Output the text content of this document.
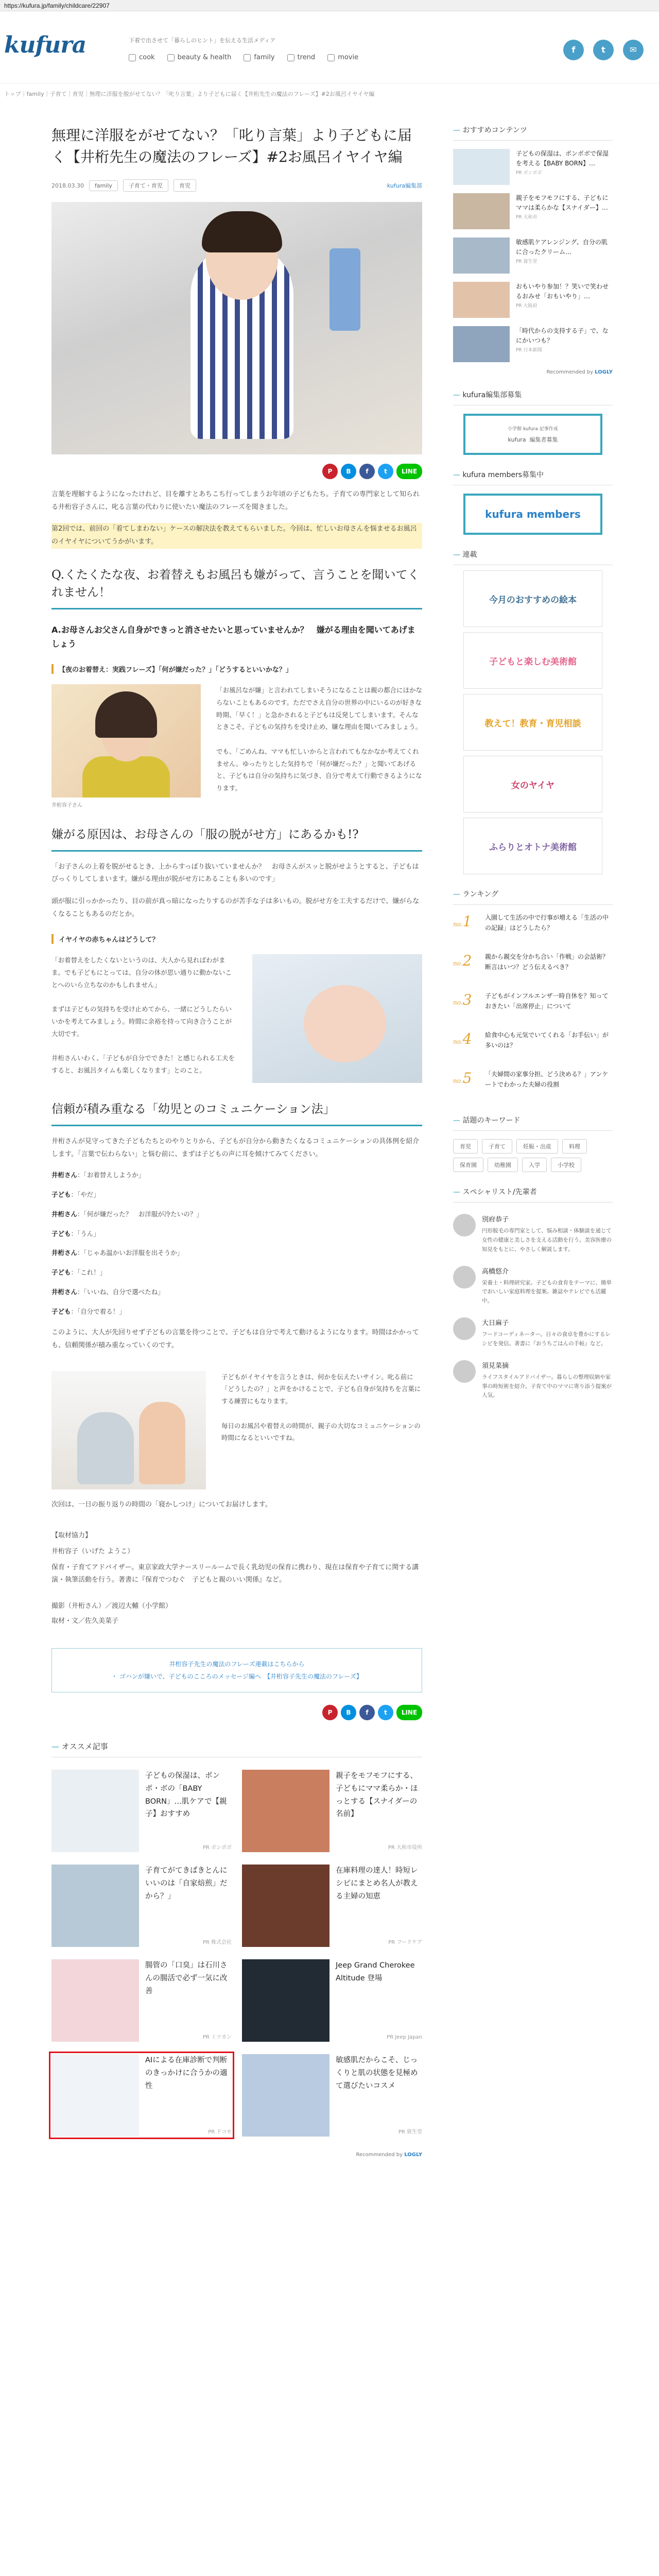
https://kufura.jp/family/childcare/22907
kufura	下着で出させて「暮らしのヒント」を伝える生活メディア
cook	beauty & health	family	trend	movie
f	t	✉
トップ｜family｜子育て｜育児｜無理に洋服を脱がせてない？「叱り言葉」より子どもに届く【井桁先生の魔法のフレーズ】#2お風呂イヤイヤ編
無理に洋服をがせてない？「叱り言葉」より子どもに届く【井桁先生の魔法のフレーズ】#2お風呂イヤイヤ編
2018.03.30	family	子育て・育児	育児	kufura編集部
P	B	f	t	LINE

言葉を理解するようになったけれど、目を離すとあちこち行ってしまうお年頃の子どもたち。子育ての専門家として知られる井桁容子さんに、叱る言葉の代わりに使いたい魔法のフレーズを聞きました。

第2回では、前回の「着てしまわない」ケースの解決法を教えてもらいました。今回は、忙しいお母さんを悩ませるお風呂のイヤイヤについてうかがいます。

Q.くたくたな夜、お着替えもお風呂も嫌がって、言うことを聞いてくれません！
A.お母さんお父さん自身ができっと消させたいと思っていませんか？　嫌がる理由を聞いてあげましょう
【夜のお着替え：実践フレーズ】「何が嫌だった？」「どうするといいかな？」
井桁容子さん
「お風呂なが嫌」と言われてしまいそうになることは親の都合にほかならないこともあるのです。ただでさえ自分の世界の中にいるのが好きな時期、「早く！」と急かされると子どもは反発してしまいます。そんなときこそ、子どもの気持ちを受け止め、嫌な理由を聞いてみましょう。

でも、「ごめんね、ママも忙しいからと言われてもなかなか考えてくれません。ゆったりとした気持ちで「何が嫌だった？」と聞いてあげると、子どもは自分の気持ちに気づき、自分で考えて行動できるようになります。
嫌がる原因は、お母さんの「服の脱がせ方」にあるかも!?

「お子さんの上着を脱がせるとき、上からすっぽり抜いていませんか？　お母さんがスッと脱がせようとすると、子どもはびっくりしてしまいます。嫌がる理由が脱がせ方にあることも多いのです」

頭が服に引っかかったり、目の前が真っ暗になったりするのが苦手な子は多いもの。脱がせ方を工夫するだけで、嫌がらなくなることもあるのだとか。

イヤイヤの赤ちゃんはどうして？
「お着替えをしたくないというのは、大人から見ればわがまま。でも子どもにとっては、自分の体が思い通りに動かないことへのいら立ちなのかもしれません」

まずは子どもの気持ちを受け止めてから、一緒にどうしたらいいかを考えてみましょう。時間に余裕を持って向き合うことが大切です。

井桁さんいわく、「子どもが自分でできた！と感じられる工夫をすると、お風呂タイムも楽しくなります」とのこと。
信頼が積み重なる「幼児とのコミュニケーション法」

井桁さんが見守ってきた子どもたちとのやりとりから、子どもが自分から動きたくなるコミュニケーションの具体例を紹介します。「言葉で伝わらない」と悩む前に、まずは子どもの声に耳を傾けてみてください。

井桁さん：「お着替えしようか」
子ども：「やだ」
井桁さん：「何が嫌だった？　お洋服が冷たいの？」
子ども：「うん」
井桁さん：「じゃあ温かいお洋服を出そうか」
子ども：「これ！」
井桁さん：「いいね、自分で選べたね」
子ども：「自分で着る！」

このように、大人が先回りせず子どもの言葉を待つことで、子どもは自分で考えて動けるようになります。時間はかかっても、信頼関係が積み重なっていくのです。

子どもがイヤイヤを言うときは、何かを伝えたいサイン。叱る前に「どうしたの？」と声をかけることで、子ども自身が気持ちを言葉にする練習にもなります。

毎日のお風呂や着替えの時間が、親子の大切なコミュニケーションの時間になるといいですね。

次回は、一日の振り返りの時間の「寝かしつけ」についてお届けします。

【取材協力】

井桁容子（いげた ようこ）

保育・子育てアドバイザー。東京家政大学ナースリールームで長く乳幼児の保育に携わり、現在は保育や子育てに関する講演・執筆活動を行う。著書に『保育でつむぐ　子どもと親のいい関係』など。

撮影（井桁さん）／渡辺大輔（小学館）

取材・文／佐久美菜子

井桁容子先生の魔法のフレーズ連載はこちらから
・ ゴハンが嫌いで、子どものこころのメッセージ編へ　【井桁容子先生の魔法のフレーズ】
P	B	f	t	LINE
— オススメ記事
子どもの保湿は、ボンポ・ボの「BABY BORN」…肌ケアで【親子】おすすめ
PR ボンポボ
親子をモフモフにする、子どもにママ柔らか・ほっとする【スナイダーの名前】
PR 大和市役所
子育てがてきぱきとんにいいのは「自家焙煎」だから？」
PR 株式会社
在庫料理の達人！時短レシピにまとめ名人が教える主婦の知恵
PR フードケア
腸管の「口臭」は石川さんの腸活で必ず一気に改善
PR ミツカン
Jeep Grand Cherokee Altitude 登場
PR Jeep Japan
AIによる在庫診断で判断のきっかけに合うかの適性
PR ドコモ
敏感肌だからこそ、じっくりと肌の状態を見極めて選びたいコスメ
PR 資生堂
Recommended by LOGLY
— おすすめコンテンツ
子どもの保湿は、ボンポボで保湿を考える【BABY BORN】…
PR ボンポボ
親子をモフモフにする、子どもにママは柔らかな【スナイダー】…
PR 大和市
敏感肌ケアレンジング、自分の肌に合ったクリーム…
PR 資生堂
おもいやり参加！？笑いで笑わせるおみせ「おもいやり」…
PR 大阪府
「時代からの支持する子」で、なにかいつも？
PR 日本新聞
Recommended by LOGLY
— kufura編集部募集
小学館 kufura 記事作成
kufura 編集者募集
— kufura members募集中
kufura members
— 連載
今月のおすすめの絵本
子どもと楽しむ美術館
教えて！教育・育児相談
女のヤイヤ
ふらりとオトナ美術館
— ランキング
no.1	入園して生活の中で行事が増える「生活の中の記録」はどうしたら？
no.2	親から親交を分かち合い「作戦」の会話術？ 断言はいつ？どう伝えるべき？
no.3	子どもがインフルエンザ一時自休を？知っておきたい「出席停止」について
no.4	給食中心も元気でいてくれる「お手伝い」が多いのは？
no.5	「夫婦間の家事分担、どう決める？」アンケートでわかった夫婦の役割
— 話題のキーワード
育児	子育て	妊娠・出産	料理
保育園	幼稚園	入学	小学校
— スペシャリスト/先輩者
別府恭子
円形脱毛の専門家として、悩み相談・体験談を通じて女性の健康と美しさを支える活動を行う。美容医療の知見をもとに、やさしく解説します。
高橋悠介
栄養士・料理研究家。子どもの食育をテーマに、簡単でおいしい家庭料理を提案。雑誌やテレビでも活躍中。
大日麻子
フードコーディネーター。日々の食卓を豊かにするレシピを発信。著書に『おうちごはんの手帖』など。
須見菜摘
ライフスタイルアドバイザー。暮らしの整理収納や家事の時短術を紹介。子育て中のママに寄り添う提案が人気。
